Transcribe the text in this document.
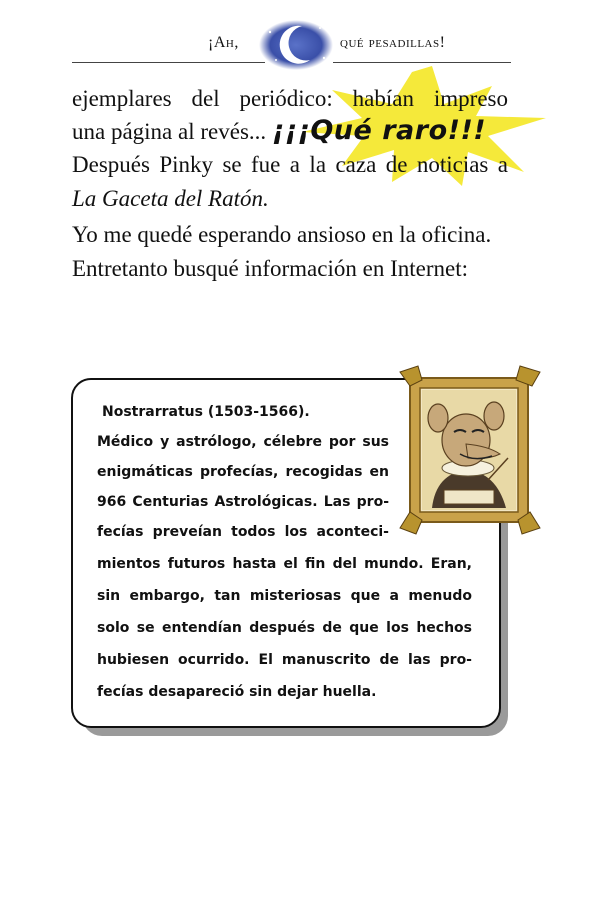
¡Ah,	qué pesadillas!
ejemplares del periódico: habían impreso
una página al revés... ¡¡¡Qué raro!!!
Después Pinky se fue a la caza de noticias a
La Gaceta del Ratón.
Yo me quedé esperando ansioso en la oficina.
Entretanto busqué información en Internet:
Nostrarratus (1503-1566).
Médico y astrólogo, célebre por sus
enigmáticas profecías, recogidas en
966 Centurias Astrológicas. Las pro-
fecías preveían todos los aconteci-
mientos futuros hasta el fin del mundo. Eran,
sin embargo, tan misteriosas que a menudo
solo se entendían después de que los hechos
hubiesen ocurrido. El manuscrito de las pro-
fecías desapareció sin dejar huella.
